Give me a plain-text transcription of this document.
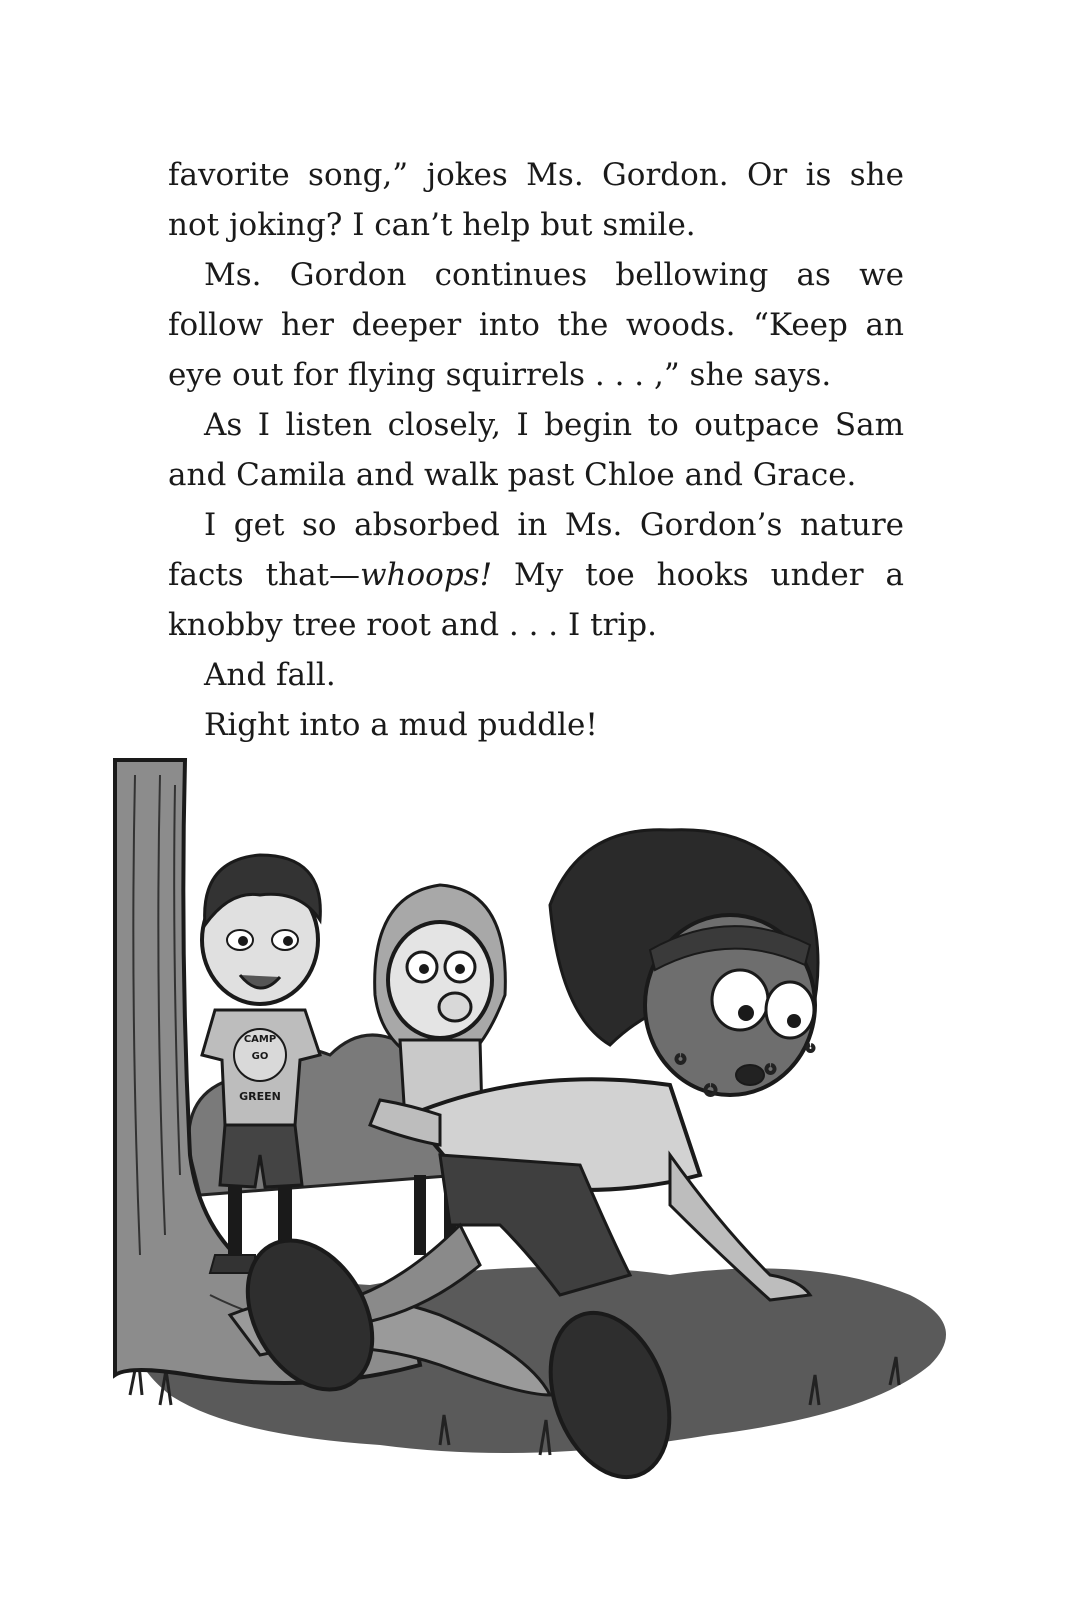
favorite song,” jokes Ms. Gordon. Or is she not joking? I can’t help but smile.

Ms. Gordon continues bellowing as we follow her deeper into the woods. “Keep an eye out for flying squirrels . . . ,” she says.

As I listen closely, I begin to outpace Sam and Camila and walk past Chloe and Grace.

I get so absorbed in Ms. Gordon’s nature facts that—whoops! My toe hooks under a knobby tree root and . . . I trip.

And fall.

Right into a mud puddle!

CAMP
GO
GREEN
